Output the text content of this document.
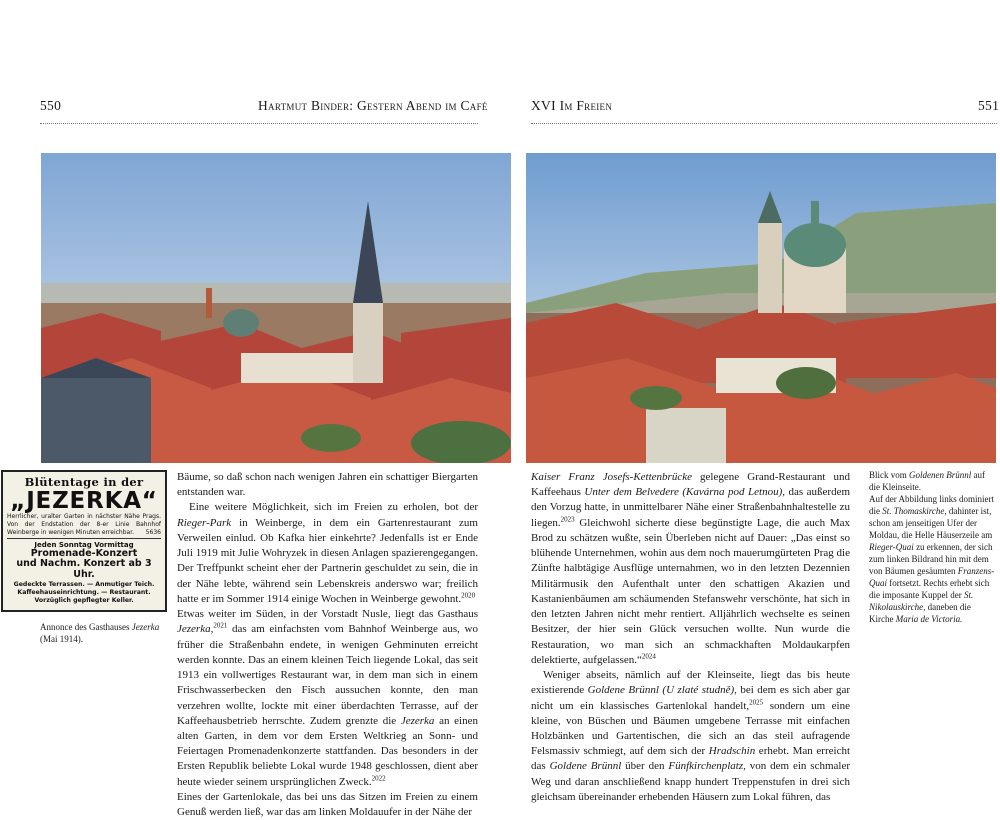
550	Hartmut Binder: Gestern Abend im Café
Blütentage in der
„JEZERKA“
Herrlicher, uralter Garten in nächster Nähe Prags. Von der Endstation der 8-er Linie Bahnhof Weinberge in wenigen Minuten erreichbar. 5636
Jeden Sonntag Vormittag
Promenade-Konzert
und Nachm. Konzert ab 3 Uhr.
Gedeckte Terrassen. — Anmutiger Teich.
Kaffeehauseinrichtung. — Restaurant.
Vorzüglich gepflegter Keller.
Annonce des Gasthauses Jezerka (Mai 1914).

Bäume, so daß schon nach wenigen Jahren ein schattiger Biergarten entstanden war.

Eine weitere Möglichkeit, sich im Freien zu erholen, bot der Rieger-Park in Weinberge, in dem ein Gartenrestaurant zum Verweilen einlud. Ob Kafka hier einkehrte? Jedenfalls ist er Ende Juli 1919 mit Julie Wohryzek in diesen Anlagen spazierengegangen. Der Treffpunkt scheint eher der Partnerin geschuldet zu sein, die in der Nähe lebte, während sein Lebenskreis anderswo war; freilich hatte er im Sommer 1914 einige Wochen in Weinberge gewohnt.$^{2020}$

Etwas weiter im Süden, in der Vorstadt Nusle, liegt das Gasthaus Jezerka,$^{2021}$ das am einfachsten vom Bahnhof Weinberge aus, wo früher die Straßenbahn endete, in wenigen Gehminuten erreicht werden konnte. Das an einem kleinen Teich liegende Lokal, das seit 1913 ein vollwertiges Restaurant war, in dem man sich in einem Frischwasserbecken den Fisch aussuchen konnte, den man verzehren wollte, lockte mit einer überdachten Terrasse, auf der Kaffeehausbetrieb herrschte. Zudem grenzte die Jezerka an einen alten Garten, in dem vor dem Ersten Weltkrieg an Sonn- und Feiertagen Promenadenkonzerte stattfanden. Das besonders in der Ersten Republik beliebte Lokal wurde 1948 geschlossen, dient aber heute wieder seinem ursprünglichen Zweck.$^{2022}$

Eines der Gartenlokale, das bei uns das Sitzen im Freien zu einem Genuß werden ließ, war das am linken Moldauufer in der Nähe der

XVI Im Freien	551

Kaiser Franz Josefs-Kettenbrücke gelegene Grand-Restaurant und Kaffeehaus Unter dem Belvedere (Kavárna pod Letnou), das außerdem den Vorzug hatte, in unmittelbarer Nähe einer Straßenbahnhaltestelle zu liegen.$^{2023}$ Gleichwohl sicherte diese begünstigte Lage, die auch Max Brod zu schätzen wußte, sein Überleben nicht auf Dauer: „Das einst so blühende Unternehmen, wohin aus dem noch mauerumgürteten Prag die Zünfte halbtägige Ausflüge unternahmen, wo in den letzten Dezennien Militärmusik den Aufenthalt unter den schattigen Akazien und Kastanienbäumen am schäumenden Stefanswehr verschönte, hat sich in den letzten Jahren nicht mehr rentiert. Alljährlich wechselte es seinen Besitzer, der hier sein Glück versuchen wollte. Nun wurde die Restauration, wo man sich an schmackhaften Moldaukarpfen delektierte, aufgelassen.“$^{2024}$

Weniger abseits, nämlich auf der Kleinseite, liegt das bis heute existierende Goldene Brünnl (U zlaté studně), bei dem es sich aber gar nicht um ein klassisches Gartenlokal handelt,$^{2025}$ sondern um eine kleine, von Büschen und Bäumen umgebene Terrasse mit einfachen Holzbänken und Gartentischen, die sich an das steil aufragende Felsmassiv schmiegt, auf dem sich der Hradschin erhebt. Man erreicht das Goldene Brünnl über den Fünfkirchenplatz, von dem ein schmaler Weg und daran anschließend knapp hundert Treppenstufen in drei sich gleichsam übereinander erhebenden Häusern zum Lokal führen, das

Blick vom Goldenen Brünnl auf die Kleinseite.
Auf der Abbildung links dominiert die St. Thomaskirche, dahinter ist, schon am jenseitigen Ufer der Moldau, die Helle Häuserzeile am Rieger-Quai zu erkennen, der sich zum linken Bildrand hin mit dem von Bäumen gesäumten Franzens-Quai fortsetzt. Rechts erhebt sich die imposante Kuppel der St. Nikolauskirche, daneben die Kirche Maria de Victoria.
